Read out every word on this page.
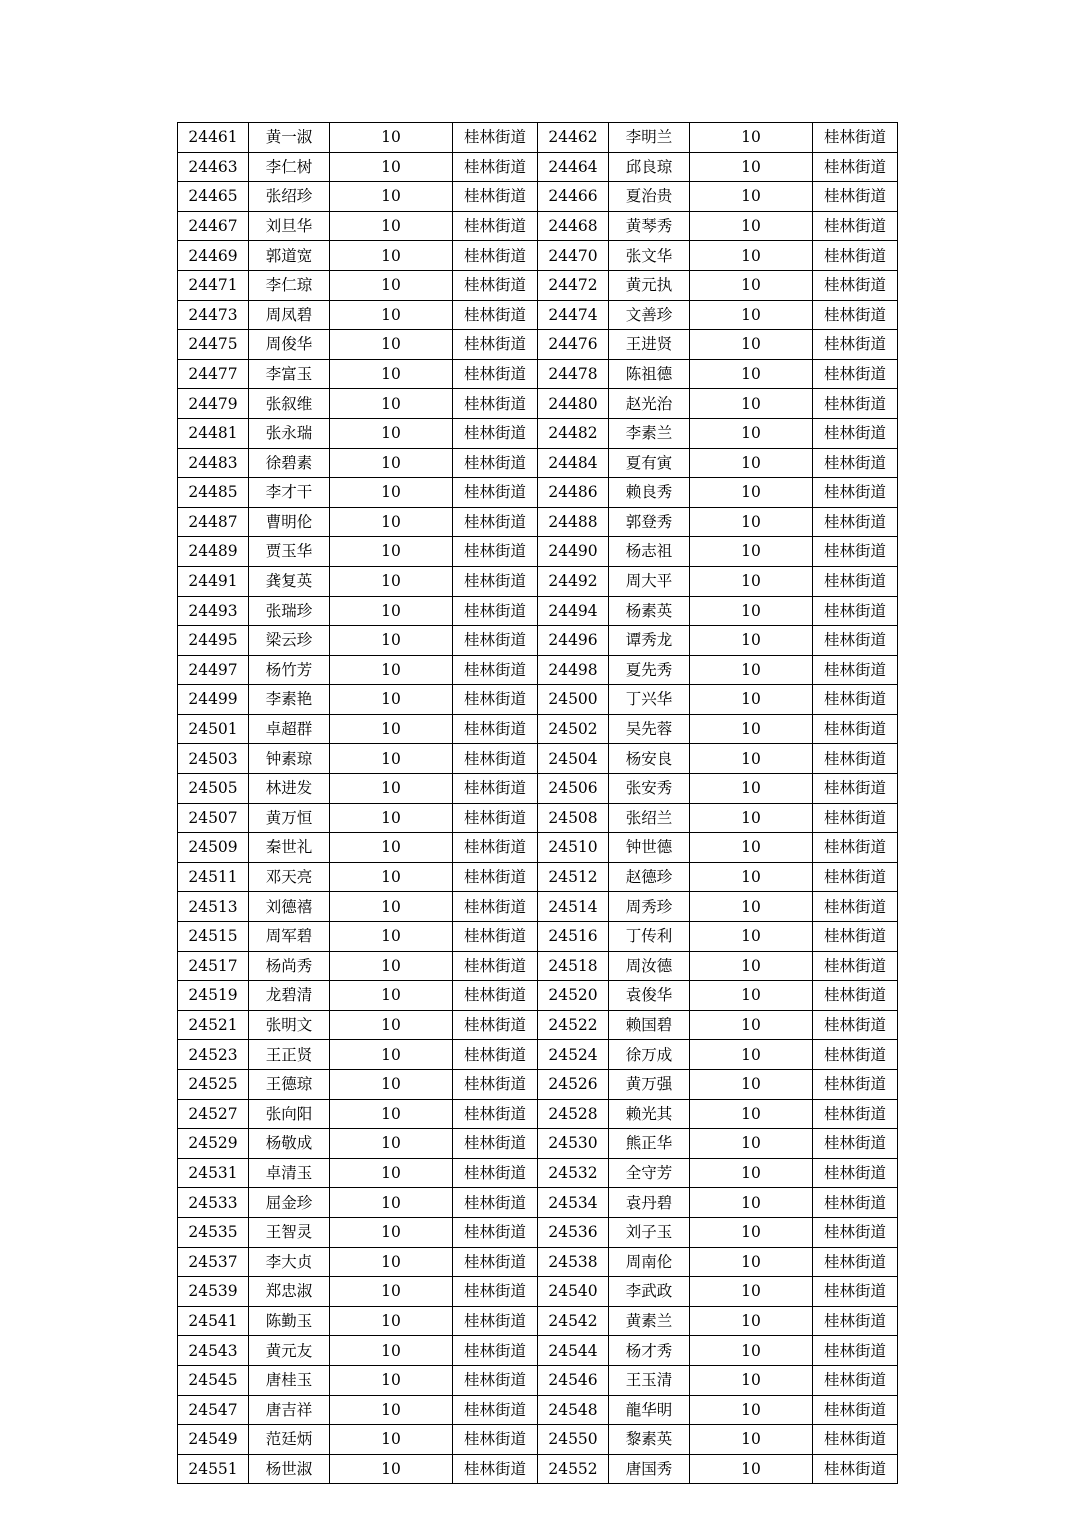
24461	黄一淑	10	桂林街道	24462	李明兰	10	桂林街道
24463	李仁树	10	桂林街道	24464	邱良琼	10	桂林街道
24465	张绍珍	10	桂林街道	24466	夏治贵	10	桂林街道
24467	刘旦华	10	桂林街道	24468	黄琴秀	10	桂林街道
24469	郭道宽	10	桂林街道	24470	张文华	10	桂林街道
24471	李仁琼	10	桂林街道	24472	黄元执	10	桂林街道
24473	周凤碧	10	桂林街道	24474	文善珍	10	桂林街道
24475	周俊华	10	桂林街道	24476	王进贤	10	桂林街道
24477	李富玉	10	桂林街道	24478	陈祖德	10	桂林街道
24479	张叙维	10	桂林街道	24480	赵光治	10	桂林街道
24481	张永瑞	10	桂林街道	24482	李素兰	10	桂林街道
24483	徐碧素	10	桂林街道	24484	夏有寅	10	桂林街道
24485	李才干	10	桂林街道	24486	赖良秀	10	桂林街道
24487	曹明伦	10	桂林街道	24488	郭登秀	10	桂林街道
24489	贾玉华	10	桂林街道	24490	杨志祖	10	桂林街道
24491	龚复英	10	桂林街道	24492	周大平	10	桂林街道
24493	张瑞珍	10	桂林街道	24494	杨素英	10	桂林街道
24495	梁云珍	10	桂林街道	24496	谭秀龙	10	桂林街道
24497	杨竹芳	10	桂林街道	24498	夏先秀	10	桂林街道
24499	李素艳	10	桂林街道	24500	丁兴华	10	桂林街道
24501	卓超群	10	桂林街道	24502	吴先蓉	10	桂林街道
24503	钟素琼	10	桂林街道	24504	杨安良	10	桂林街道
24505	林进发	10	桂林街道	24506	张安秀	10	桂林街道
24507	黄万恒	10	桂林街道	24508	张绍兰	10	桂林街道
24509	秦世礼	10	桂林街道	24510	钟世德	10	桂林街道
24511	邓天亮	10	桂林街道	24512	赵德珍	10	桂林街道
24513	刘德禧	10	桂林街道	24514	周秀珍	10	桂林街道
24515	周军碧	10	桂林街道	24516	丁传利	10	桂林街道
24517	杨尚秀	10	桂林街道	24518	周汝德	10	桂林街道
24519	龙碧清	10	桂林街道	24520	袁俊华	10	桂林街道
24521	张明文	10	桂林街道	24522	赖国碧	10	桂林街道
24523	王正贤	10	桂林街道	24524	徐万成	10	桂林街道
24525	王德琼	10	桂林街道	24526	黄万强	10	桂林街道
24527	张向阳	10	桂林街道	24528	赖光其	10	桂林街道
24529	杨敬成	10	桂林街道	24530	熊正华	10	桂林街道
24531	卓清玉	10	桂林街道	24532	全守芳	10	桂林街道
24533	屈金珍	10	桂林街道	24534	袁丹碧	10	桂林街道
24535	王智灵	10	桂林街道	24536	刘子玉	10	桂林街道
24537	李大贞	10	桂林街道	24538	周南伦	10	桂林街道
24539	郑忠淑	10	桂林街道	24540	李武政	10	桂林街道
24541	陈勤玉	10	桂林街道	24542	黄素兰	10	桂林街道
24543	黄元友	10	桂林街道	24544	杨才秀	10	桂林街道
24545	唐桂玉	10	桂林街道	24546	王玉清	10	桂林街道
24547	唐吉祥	10	桂林街道	24548	龍华明	10	桂林街道
24549	范廷炳	10	桂林街道	24550	黎素英	10	桂林街道
24551	杨世淑	10	桂林街道	24552	唐国秀	10	桂林街道
